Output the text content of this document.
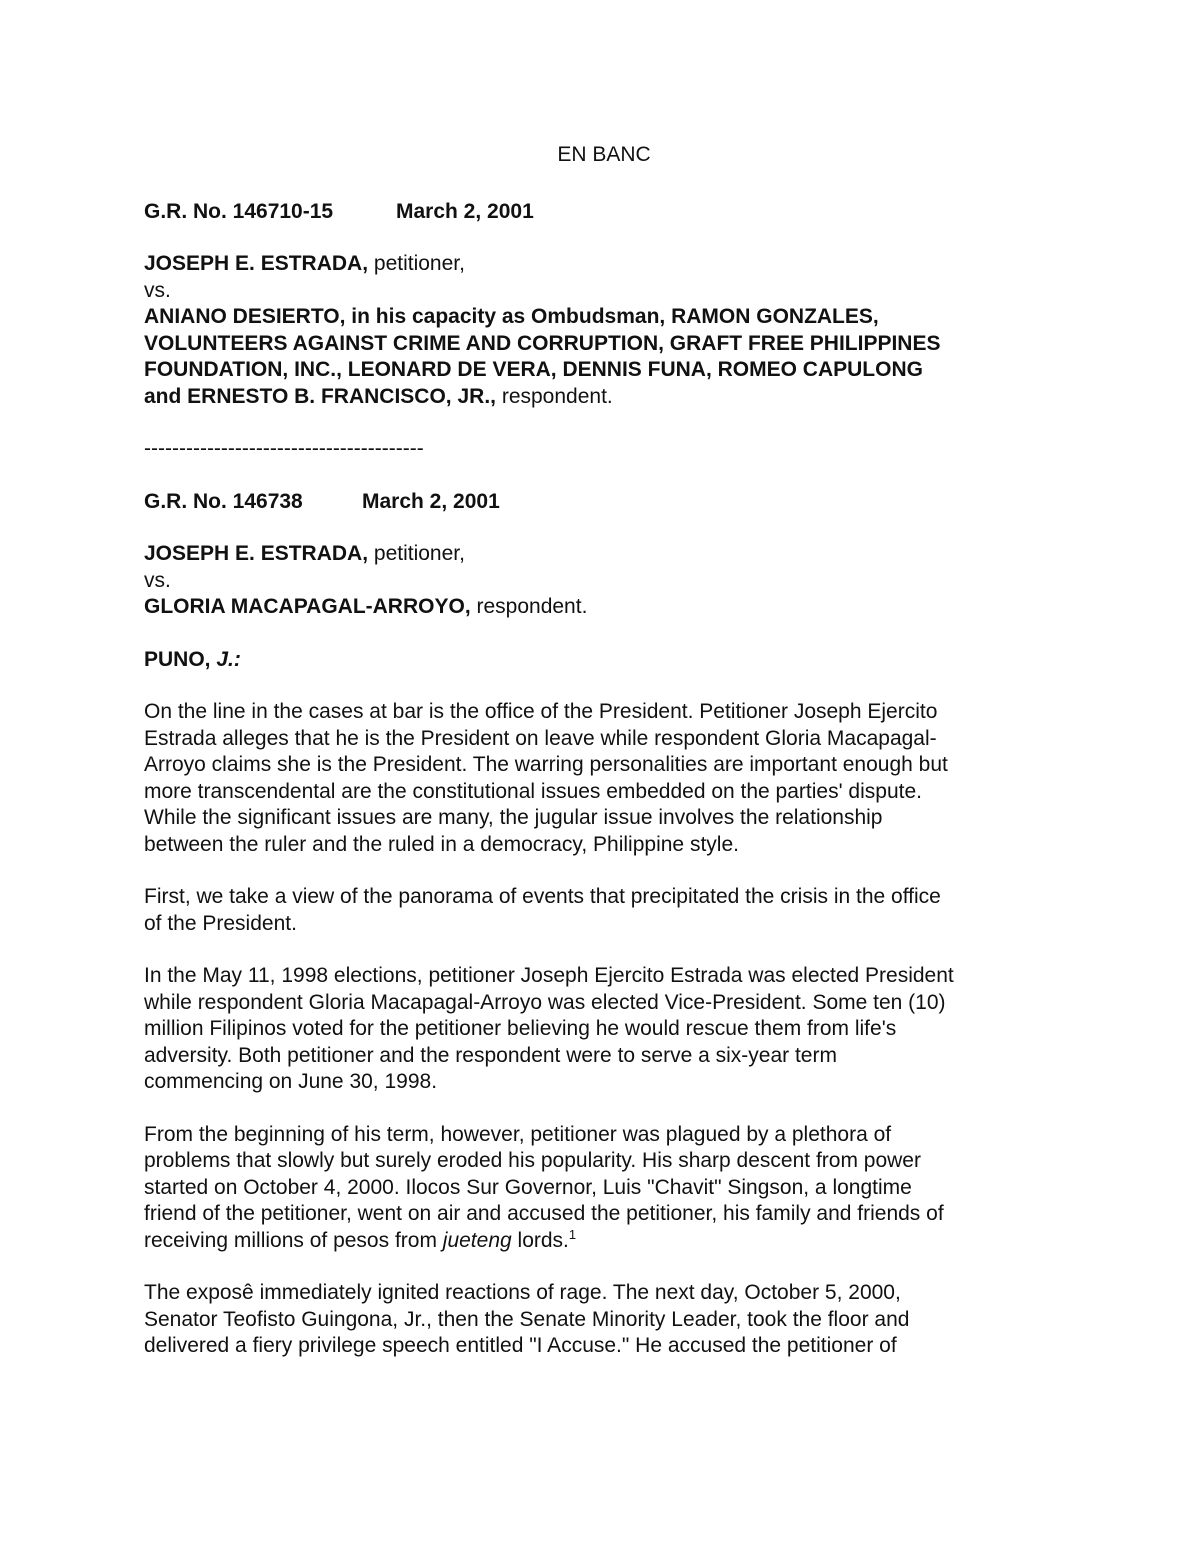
EN BANC
G.R. No. 146710-15	March 2, 2001
JOSEPH E. ESTRADA, petitioner,
vs.
ANIANO DESIERTO, in his capacity as Ombudsman, RAMON GONZALES,
VOLUNTEERS AGAINST CRIME AND CORRUPTION, GRAFT FREE PHILIPPINES
FOUNDATION, INC., LEONARD DE VERA, DENNIS FUNA, ROMEO CAPULONG
and ERNESTO B. FRANCISCO, JR., respondent.
----------------------------------------
G.R. No. 146738	March 2, 2001
JOSEPH E. ESTRADA, petitioner,
vs.
GLORIA MACAPAGAL-ARROYO, respondent.
PUNO, J.:

On the line in the cases at bar is the office of the President. Petitioner Joseph Ejercito
Estrada alleges that he is the President on leave while respondent Gloria Macapagal-
Arroyo claims she is the President. The warring personalities are important enough but
more transcendental are the constitutional issues embedded on the parties' dispute.
While the significant issues are many, the jugular issue involves the relationship
between the ruler and the ruled in a democracy, Philippine style.

First, we take a view of the panorama of events that precipitated the crisis in the office
of the President.

In the May 11, 1998 elections, petitioner Joseph Ejercito Estrada was elected President
while respondent Gloria Macapagal-Arroyo was elected Vice-President. Some ten (10)
million Filipinos voted for the petitioner believing he would rescue them from life's
adversity. Both petitioner and the respondent were to serve a six-year term
commencing on June 30, 1998.

From the beginning of his term, however, petitioner was plagued by a plethora of
problems that slowly but surely eroded his popularity. His sharp descent from power
started on October 4, 2000. Ilocos Sur Governor, Luis "Chavit" Singson, a longtime
friend of the petitioner, went on air and accused the petitioner, his family and friends of
receiving millions of pesos from jueteng lords.$^1$

The exposê immediately ignited reactions of rage. The next day, October 5, 2000,
Senator Teofisto Guingona, Jr., then the Senate Minority Leader, took the floor and
delivered a fiery privilege speech entitled "I Accuse." He accused the petitioner of
